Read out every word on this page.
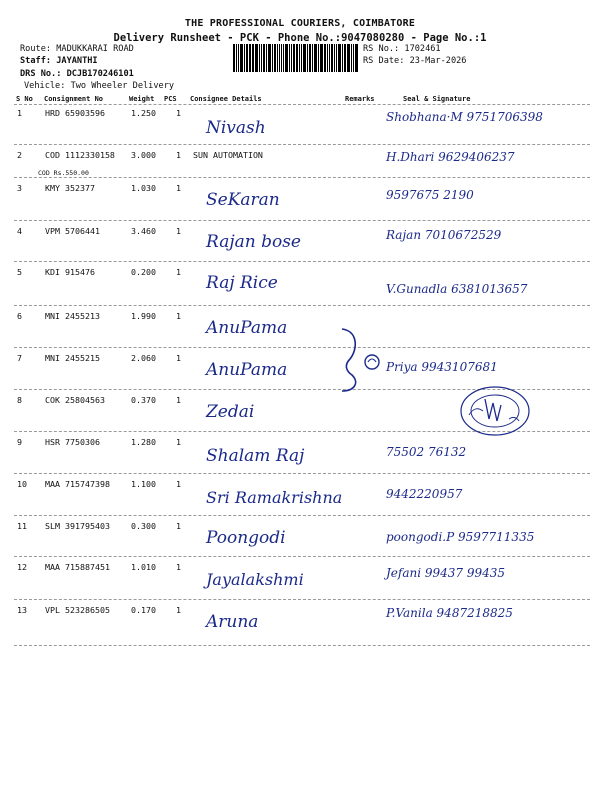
THE PROFESSIONAL COURIERS, COIMBATORE
Delivery Runsheet - PCK - Phone No.:9047080280 - Page No.:1
Route: MADUKKARAI ROAD
Staff: JAYANTHI
DRS No.: DCJB170246101
Vehicle: Two Wheeler Delivery
RS No.: 1702461
RS Date: 23-Mar-2026
S No Consignment No	Weight PCS Consignee Details	Remarks	Seal & Signature
1	HRD 65903596	1.250 1
Nivash
Shobhana·M 9751706398
2	COD 1112330158 3.000 1 SUN AUTOMATION
COD Rs.550.00
H.Dhari 9629406237
3	KMY 352377	1.030 1
SeKaran	9597675 2190
4	VPM 5706441	3.460 1
Rajan bose	Rajan 7010672529
5	KDI 915476	0.200 1
Raj Rice	V.Gunadla 6381013657
6	MNI 2455213	1.990 1
AnuPama
7	MNI 2455215	2.060 1
AnuPama	Priya 9943107681
8	COK 25804563	0.370 1
Zedai
9	HSR 7750306	1.280 1
Shalam Raj	75502 76132
10 MAA 715747398	1.100 1
Sri Ramakrishna	9442220957
11 SLM 391795403	0.300 1
Poongodi	poongodi.P 9597711335
12 MAA 715887451	1.010 1
Jayalakshmi	Jefani 99437 99435
13 VPL 523286505	0.170 1
Aruna	P.Vanila 9487218825
